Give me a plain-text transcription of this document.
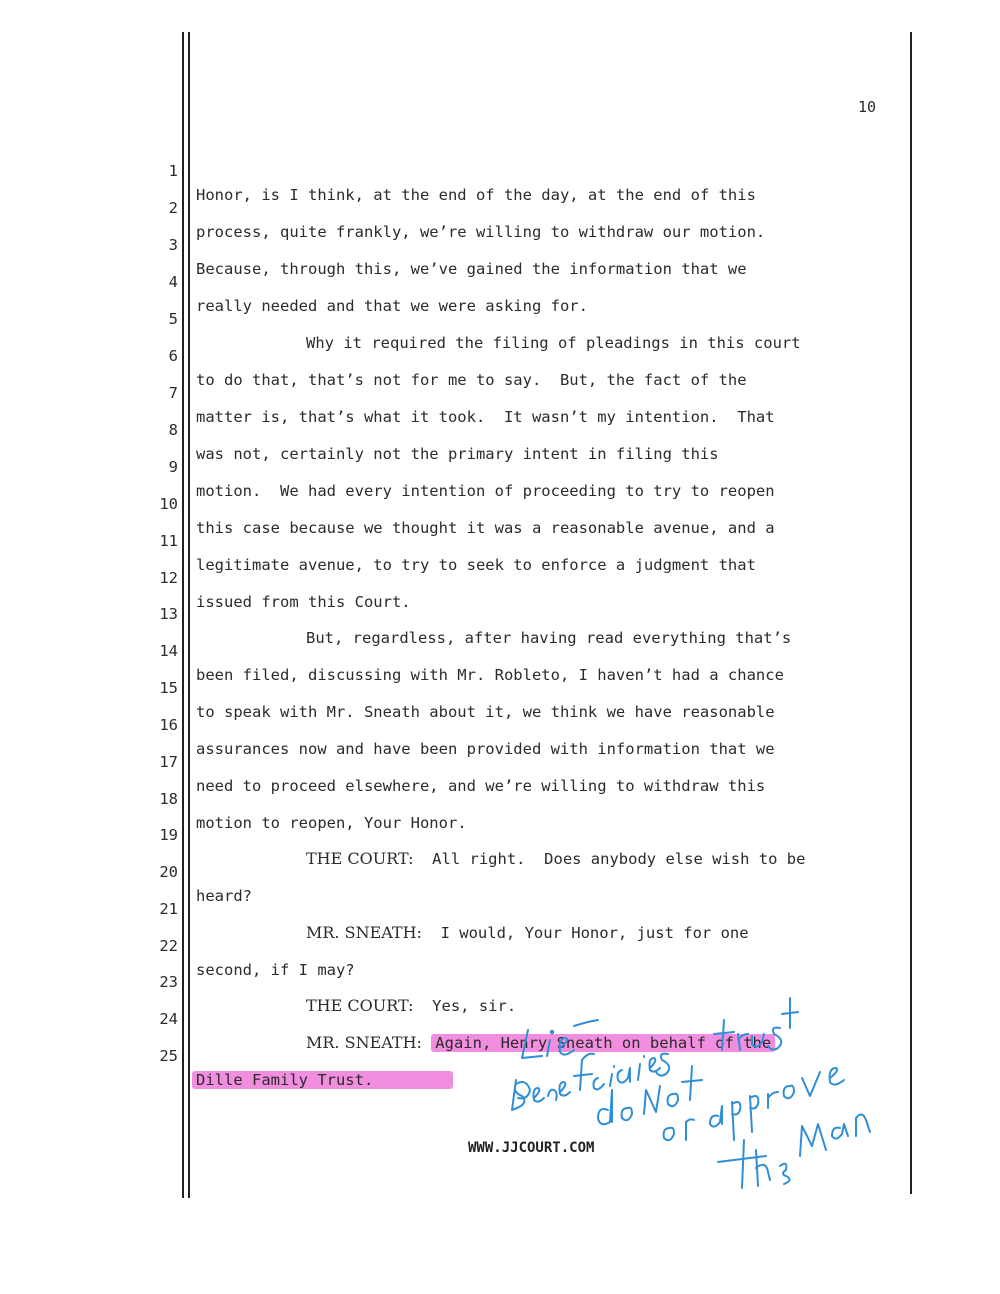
10

1

Honor, is I think, at the end of the day, at the end of this

2

process, quite frankly, we’re willing to withdraw our motion.

3

Because, through this, we’ve gained the information that we

4

really needed and that we were asking for.

5

Why it required the filing of pleadings in this court

6

to do that, that’s not for me to say.  But, the fact of the

7

matter is, that’s what it took.  It wasn’t my intention.  That

8

was not, certainly not the primary intent in filing this

9

motion.  We had every intention of proceeding to try to reopen

10

this case because we thought it was a reasonable avenue, and a

11

legitimate avenue, to try to seek to enforce a judgment that

12

issued from this Court.

13

But, regardless, after having read everything that’s

14

been filed, discussing with Mr. Robleto, I haven’t had a chance

15

to speak with Mr. Sneath about it, we think we have reasonable

16

assurances now and have been provided with information that we

17

need to proceed elsewhere, and we’re willing to withdraw this

18

motion to reopen, Your Honor.

19

THE COURT: All right.  Does anybody else wish to be

20

heard?

21

MR. SNEATH: I would, Your Honor, just for one

22

second, if I may?

23

THE COURT: Yes, sir.

24

MR. SNEATH: Again, Henry Sneath on behalf of the

25

Dille Family Trust.

WWW.JJCOURT.COM
